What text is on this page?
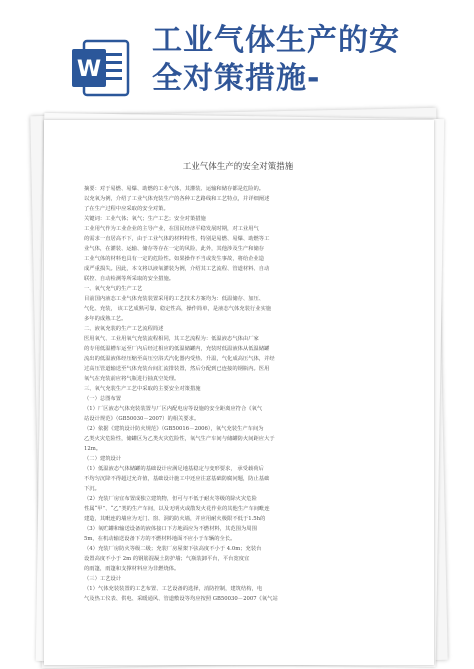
W
工业气体生产的安
全对策措施-
工业气体生产的安全对策措施
摘要：对于易燃、易爆、助燃的工业气体，其灌装、运输和储存都是危险的。
以充氧为例，介绍了工业气体充装生产的各种工艺路线和工艺特点，并详细阐述
了在生产过程中应采取的安全对策。
关键词：工业气体；氧气；生产工艺；安全对策措施
工业用气作为工业企业的主导产业，在国民经济平稳发展时期，对工业用气
的需求一直居高不下，由于工业气体的材料特性，特别是易燃、易爆、助燃等工
业气体，在灌装、运输、储存等存在一定的风险，此外，其他涉及生产和储存
工业气体的材料也具有一定的危险性。如果操作不当或发生事故，将给企业造
成严重损失。因此，本文将以液氧灌装为例，介绍其工艺流程、管道材料、自动
联控、自动检测等所采取的安全措施。
一、氧气充气的生产工艺
目前国内液态工业气体充装装置采用的工艺技术方案均为：低温储存、加压、
气化、充装， 该工艺成熟可靠，稳定性高，操作简单，是液态气体充装行业实施
多年的成熟工艺。
二、液氧充装的生产工艺流程简述
医用氧气、工业用氧气充装流程相同，其工艺流程为：低温液态气体由厂家
的专用低温槽车运至厂内后经过相应的低温储罐内，充装时低温液体从低温储罐
流出的低温液体经压缩至高压空浴式汽化器内受热、升温，气化成高压气体，并经
过高压管道输送至气体充装台间汇流排装置，然后分配到已连接的钢瓶内。医用
氧气在充装前应将气瓶进行抽真空处理。
三、氧气充装生产工艺中采取的主要安全对策措施
（一）总图布置
（1）厂区液态气体充装装置与厂区内配电房等设施的安全距离应符合《氧气
站设计规范》（GB50030－2007）的相关要求。
（2）依据《建筑设计防火规范》（GB50016－2006），氧气充装生产车间为
乙类火灾危险性，储罐区为乙类火灾危险性，氧气生产车间与储罐防火间距应大于
12m。
（二）建筑设计
（1）低温液态气体储罐的基础设计应满足地基稳定与变形要求， 承受载荷后
不均匀沉降不得超过允许值，基础设计施工中还应注意基础防腐问题，防止基础
下沉。
（2）充装厂房宜布置成独立建筑物，但可与不低于耐火等级的除火灾危险
性属“甲”、“乙”类的生产车间，以及无明火或散发火花作业的其他生产车间毗连
建造，其毗连的墙应为无门、窗、洞的防火墙，并应用耐火极限不低于1.5h的
（3）氧贮罐和输送设备的液体接口下方地面应为不燃材料，其范围为周围
5m，在机动输送设备下方的不燃材料地面不应小于车辆的全长。
（4）充装厂房防火等级二级；充装厂房屋架下弦高度不小于 4.0m；充装台
设置高度不小于 2m 的钢筋混凝土防护墙；气瓶装卸平台，平台宽度宜
的雨篷，雨篷和支撑材料应为非燃烧体。
（三）工艺设计
（1）气体充装装置的工艺布置、工艺设备的选择，消防控制，建筑结构，电
气及热工仪表、供电、采暖通风、管道敷设等均应按照 GB50030－2007《氧气站
